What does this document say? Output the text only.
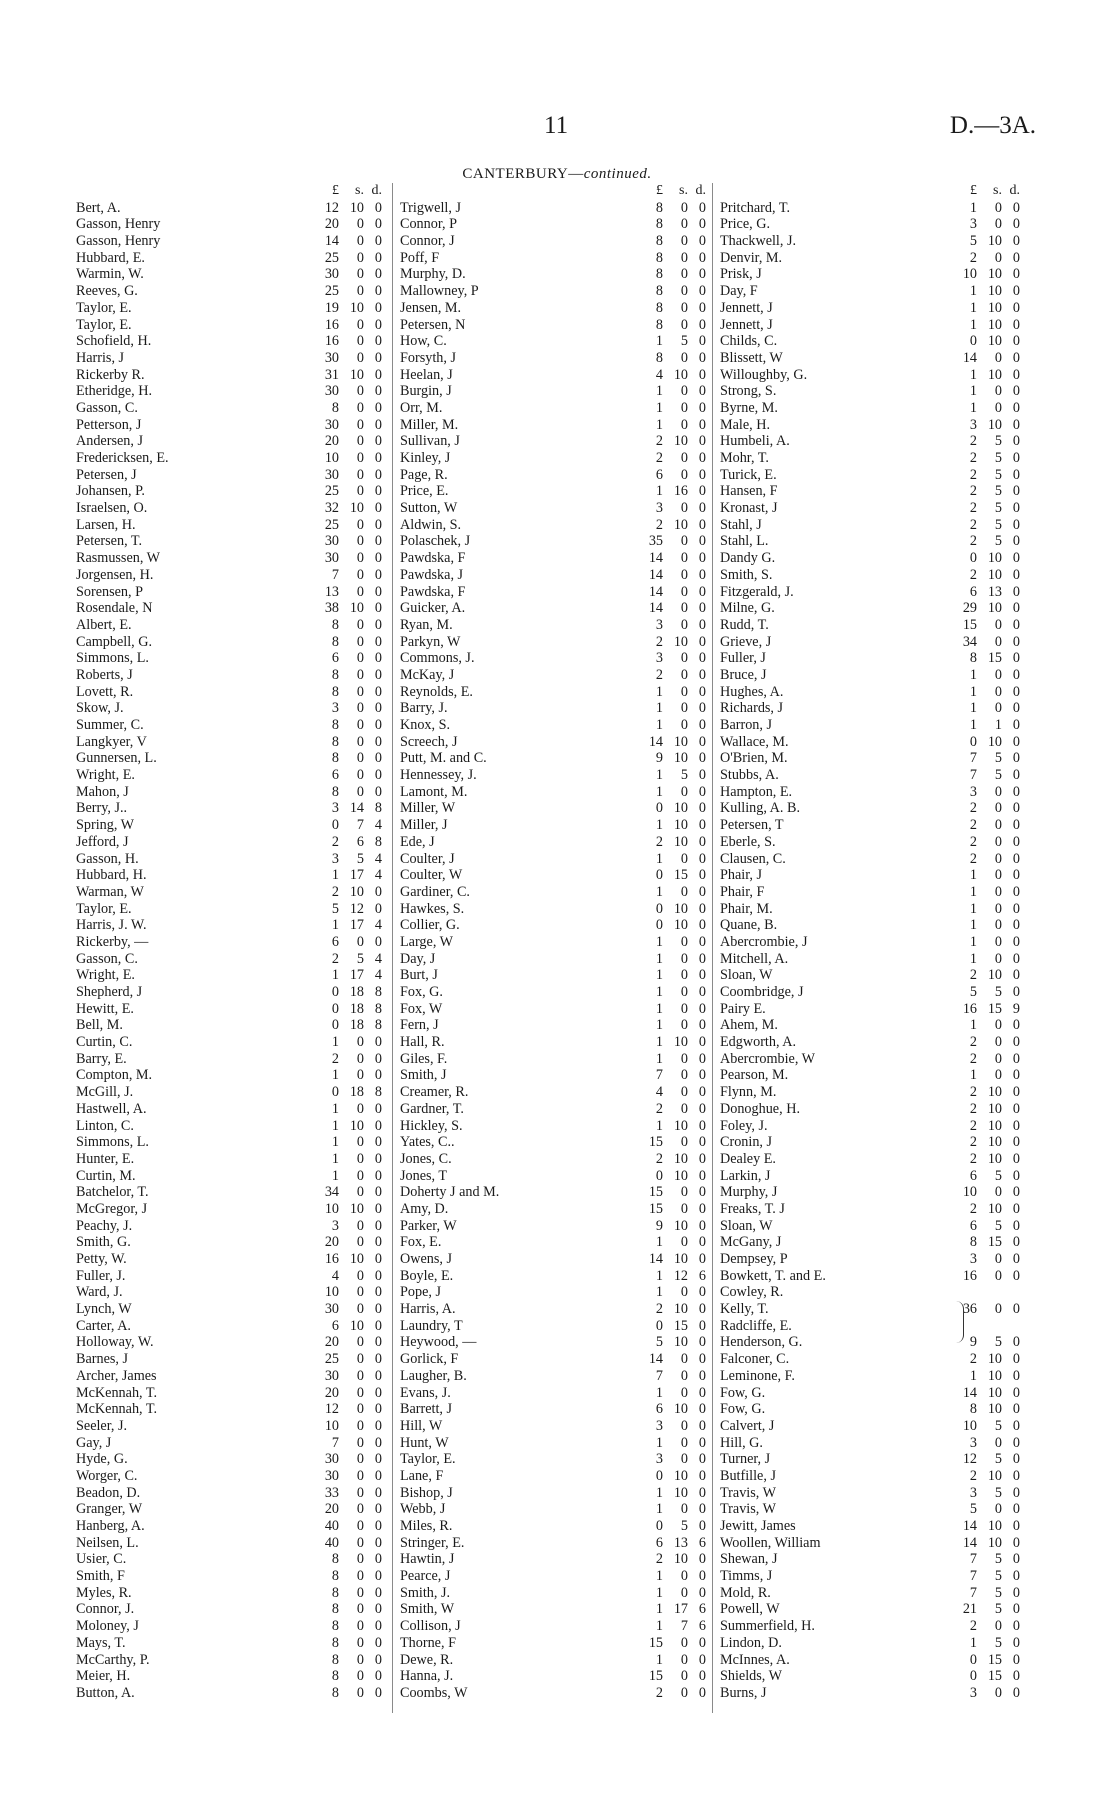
11	D.—3A.
CANTERBURY—continued.
£	s. d.
Bert, A.	12 10 0
Gasson, Henry	20	0 0
Gasson, Henry	14	0 0
Hubbard, E.	25	0 0
Warmin, W.	30	0 0
Reeves, G.	25	0 0
Taylor, E.	19 10 0
Taylor, E.	16	0 0
Schofield, H.	16	0 0
Harris, J	30	0 0
Rickerby R.	31 10 0
Etheridge, H.	30	0 0
Gasson, C.	8	0 0
Petterson, J	30	0 0
Andersen, J	20	0 0
Fredericksen, E.	10	0 0
Petersen, J	30	0 0
Johansen, P.	25	0 0
Israelsen, O.	32 10 0
Larsen, H.	25	0 0
Petersen, T.	30	0 0
Rasmussen, W	30	0 0
Jorgensen, H.	7	0 0
Sorensen, P	13	0 0
Rosendale, N	38 10 0
Albert, E.	8	0 0
Campbell, G.	8	0 0
Simmons, L.	6	0 0
Roberts, J	8	0 0
Lovett, R.	8	0 0
Skow, J.	3	0 0
Summer, C.	8	0 0
Langkyer, V	8	0 0
Gunnersen, L.	8	0 0
Wright, E.	6	0 0
Mahon, J	8	0 0
Berry, J..	3 14 8
Spring, W	0	7 4
Jefford, J	2	6 8
Gasson, H.	3	5 4
Hubbard, H.	1 17 4
Warman, W	2 10 0
Taylor, E.	5 12 0
Harris, J. W.	1 17 4
Rickerby, —	6	0 0
Gasson, C.	2	5 4
Wright, E.	1 17 4
Shepherd, J	0 18 8
Hewitt, E.	0 18 8
Bell, M.	0 18 8
Curtin, C.	1	0 0
Barry, E.	2	0 0
Compton, M.	1	0 0
McGill, J.	0 18 8
Hastwell, A.	1	0 0
Linton, C.	1 10 0
Simmons, L.	1	0 0
Hunter, E.	1	0 0
Curtin, M.	1	0 0
Batchelor, T.	34	0 0
McGregor, J	10 10 0
Peachy, J.	3	0 0
Smith, G.	20	0 0
Petty, W.	16 10 0
Fuller, J.	4	0 0
Ward, J.	10	0 0
Lynch, W	30	0 0
Carter, A.	6 10 0
Holloway, W.	20	0 0
Barnes, J	25	0 0
Archer, James	30	0 0
McKennah, T.	20	0 0
McKennah, T.	12	0 0
Seeler, J.	10	0 0
Gay, J	7	0 0
Hyde, G.	30	0 0
Worger, C.	30	0 0
Beadon, D.	33	0 0
Granger, W	20	0 0
Hanberg, A.	40	0 0
Neilsen, L.	40	0 0
Usier, C.	8	0 0
Smith, F	8	0 0
Myles, R.	8	0 0
Connor, J.	8	0 0
Moloney, J	8	0 0
Mays, T.	8	0 0
McCarthy, P.	8	0 0
Meier, H.	8	0 0
Button, A.	8	0 0
£	s. d.
Trigwell, J	8	0 0
Connor, P	8	0 0
Connor, J	8	0 0
Poff, F	8	0 0
Murphy, D.	8	0 0
Mallowney, P	8	0 0
Jensen, M.	8	0 0
Petersen, N	8	0 0
How, C.	1	5 0
Forsyth, J	8	0 0
Heelan, J	4 10 0
Burgin, J	1	0 0
Orr, M.	1	0 0
Miller, M.	1	0 0
Sullivan, J	2 10 0
Kinley, J	2	0 0
Page, R.	6	0 0
Price, E.	1 16 0
Sutton, W	3	0 0
Aldwin, S.	2 10 0
Polaschek, J	35	0 0
Pawdska, F	14	0 0
Pawdska, J	14	0 0
Pawdska, F	14	0 0
Guicker, A.	14	0 0
Ryan, M.	3	0 0
Parkyn, W	2 10 0
Commons, J.	3	0 0
McKay, J	2	0 0
Reynolds, E.	1	0 0
Barry, J.	1	0 0
Knox, S.	1	0 0
Screech, J	14 10 0
Putt, M. and C.	9 10 0
Hennessey, J.	1	5 0
Lamont, M.	1	0 0
Miller, W	0 10 0
Miller, J	1 10 0
Ede, J	2 10 0
Coulter, J	1	0 0
Coulter, W	0 15 0
Gardiner, C.	1	0 0
Hawkes, S.	0 10 0
Collier, G.	0 10 0
Large, W	1	0 0
Day, J	1	0 0
Burt, J	1	0 0
Fox, G.	1	0 0
Fox, W	1	0 0
Fern, J	1	0 0
Hall, R.	1 10 0
Giles, F.	1	0 0
Smith, J	7	0 0
Creamer, R.	4	0 0
Gardner, T.	2	0 0
Hickley, S.	1 10 0
Yates, C..	15	0 0
Jones, C.	2 10 0
Jones, T	0 10 0
Doherty J and M.	15	0 0
Amy, D.	15	0 0
Parker, W	9 10 0
Fox, E.	1	0 0
Owens, J	14 10 0
Boyle, E.	1 12 6
Pope, J	1	0 0
Harris, A.	2 10 0
Laundry, T	0 15 0
Heywood, —	5 10 0
Gorlick, F	14	0 0
Laugher, B.	7	0 0
Evans, J.	1	0 0
Barrett, J	6 10 0
Hill, W	3	0 0
Hunt, W	1	0 0
Taylor, E.	3	0 0
Lane, F	0 10 0
Bishop, J	1 10 0
Webb, J	1	0 0
Miles, R.	0	5 0
Stringer, E.	6 13 6
Hawtin, J	2 10 0
Pearce, J	1	0 0
Smith, J.	1	0 0
Smith, W	1 17 6
Collison, J	1	7 6
Thorne, F	15	0 0
Dewe, R.	1	0 0
Hanna, J.	15	0 0
Coombs, W	2	0 0
£	s. d.
Pritchard, T.	1	0 0
Price, G.	3	0 0
Thackwell, J.	5 10 0
Denvir, M.	2	0 0
Prisk, J	10 10 0
Day, F	1 10 0
Jennett, J	1 10 0
Jennett, J	1 10 0
Childs, C.	0 10 0
Blissett, W	14	0 0
Willoughby, G.	1 10 0
Strong, S.	1	0 0
Byrne, M.	1	0 0
Male, H.	3 10 0
Humbeli, A.	2	5 0
Mohr, T.	2	5 0
Turick, E.	2	5 0
Hansen, F	2	5 0
Kronast, J	2	5 0
Stahl, J	2	5 0
Stahl, L.	2	5 0
Dandy G.	0 10 0
Smith, S.	2 10 0
Fitzgerald, J.	6 13 0
Milne, G.	29 10 0
Rudd, T.	15	0 0
Grieve, J	34	0 0
Fuller, J	8 15 0
Bruce, J	1	0 0
Hughes, A.	1	0 0
Richards, J	1	0 0
Barron, J	1	1 0
Wallace, M.	0 10 0
O'Brien, M.	7	5 0
Stubbs, A.	7	5 0
Hampton, E.	3	0 0
Kulling, A. B.	2	0 0
Petersen, T	2	0 0
Eberle, S.	2	0 0
Clausen, C.	2	0 0
Phair, J	1	0 0
Phair, F	1	0 0
Phair, M.	1	0 0
Quane, B.	1	0 0
Abercrombie, J	1	0 0
Mitchell, A.	1	0 0
Sloan, W	2 10 0
Coombridge, J	5	5 0
Pairy E.	16 15 9
Ahem, M.	1	0 0
Edgworth, A.	2	0 0
Abercrombie, W	2	0 0
Pearson, M.	1	0 0
Flynn, M.	2 10 0
Donoghue, H.	2 10 0
Foley, J.	2 10 0
Cronin, J	2 10 0
Dealey E.	2 10 0
Larkin, J	6	5 0
Murphy, J	10	0 0
Freaks, T. J	2 10 0
Sloan, W	6	5 0
McGany, J	8 15 0
Dempsey, P	3	0 0
Bowkett, T. and E.	16	0 0
Cowley, R.
Kelly, T.	36	0 0
Radcliffe, E.
Henderson, G.	9	5 0
Falconer, C.	2 10 0
Leminone, F.	1 10 0
Fow, G.	14 10 0
Fow, G.	8 10 0
Calvert, J	10	5 0
Hill, G.	3	0 0
Turner, J	12	5 0
Butfille, J	2 10 0
Travis, W	3	5 0
Travis, W	5	0 0
Jewitt, James	14 10 0
Woollen, William	14 10 0
Shewan, J	7	5 0
Timms, J	7	5 0
Mold, R.	7	5 0
Powell, W	21	5 0
Summerfield, H.	2	0 0
Lindon, D.	1	5 0
McInnes, A.	0 15 0
Shields, W	0 15 0
Burns, J	3	0 0
